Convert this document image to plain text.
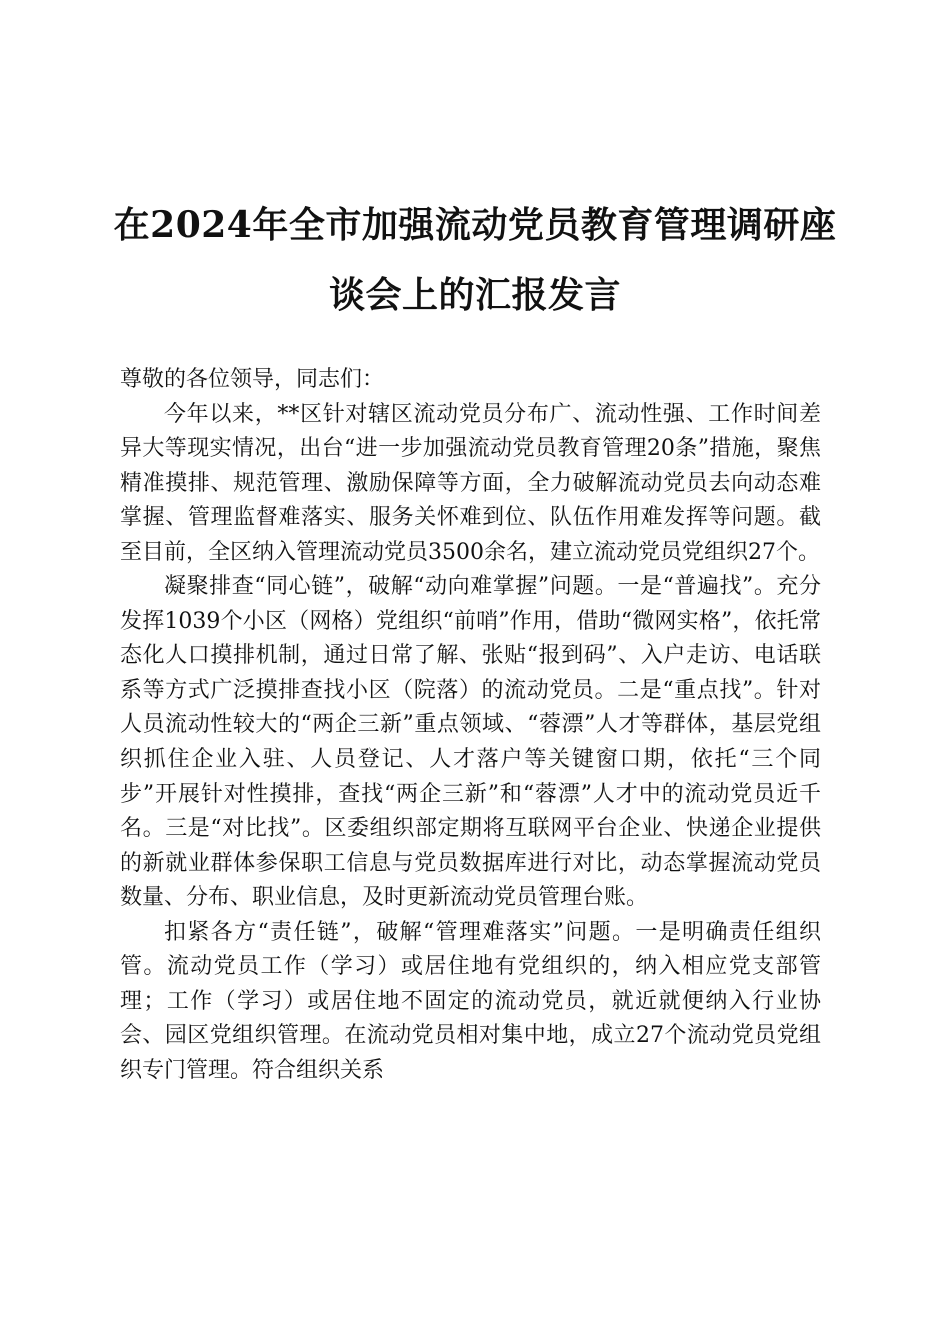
在2024年全市加强流动党员教育管理调研座
谈会上的汇报发言

尊敬的各位领导，同志们：

今年以来，**区针对辖区流动党员分布广、流动性强、工作时间差异大等现实情况，出台“进一步加强流动党员教育管理20条”措施，聚焦精准摸排、规范管理、激励保障等方面，全力破解流动党员去向动态难掌握、管理监督难落实、服务关怀难到位、队伍作用难发挥等问题。截至目前，全区纳入管理流动党员3500余名，建立流动党员党组织27个。

凝聚排查“同心链”，破解“动向难掌握”问题。一是“普遍找”。充分发挥1039个小区（网格）党组织“前哨”作用，借助“微网实格”，依托常态化人口摸排机制，通过日常了解、张贴“报到码”、入户走访、电话联系等方式广泛摸排查找小区（院落）的流动党员。二是“重点找”。针对人员流动性较大的“两企三新”重点领域、“蓉漂”人才等群体，基层党组织抓住企业入驻、人员登记、人才落户等关键窗口期，依托“三个同步”开展针对性摸排，查找“两企三新”和“蓉漂”人才中的流动党员近千名。三是“对比找”。区委组织部定期将互联网平台企业、快递企业提供的新就业群体参保职工信息与党员数据库进行对比，动态掌握流动党员数量、分布、职业信息，及时更新流动党员管理台账。

扣紧各方“责任链”，破解“管理难落实”问题。一是明确责任组织管。流动党员工作（学习）或居住地有党组织的，纳入相应党支部管理；工作（学习）或居住地不固定的流动党员，就近就便纳入行业协会、园区党组织管理。在流动党员相对集中地，成立27个流动党员党组织专门管理。符合组织关系
